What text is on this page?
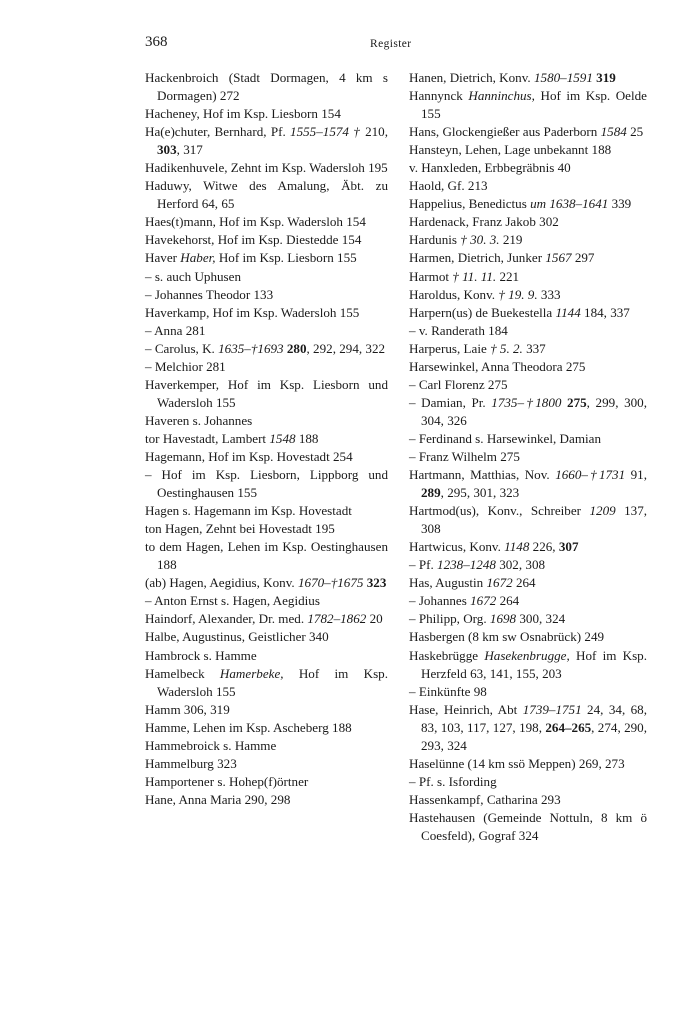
368	Register
Hackenbroich (Stadt Dormagen, 4 km s Dormagen) 272
Hacheney, Hof im Ksp. Liesborn 154
Ha(e)chuter, Bernhard, Pf. 1555–1574 † 210, 303, 317
Hadikenhuvele, Zehnt im Ksp. Wadersloh 195
Haduwy, Witwe des Amalung, Äbt. zu Herford 64, 65
Haes(t)mann, Hof im Ksp. Wadersloh 154
Havekehorst, Hof im Ksp. Diestedde 154
Haver Haber, Hof im Ksp. Liesborn 155
– s. auch Uphusen
– Johannes Theodor 133
Haverkamp, Hof im Ksp. Wadersloh 155
– Anna 281
– Carolus, K. 1635–†1693 280, 292, 294, 322
– Melchior 281
Haverkemper, Hof im Ksp. Liesborn und Wadersloh 155
Haveren s. Johannes
tor Havestadt, Lambert 1548 188
Hagemann, Hof im Ksp. Hovestadt 254
– Hof im Ksp. Liesborn, Lippborg und Oestinghausen 155
Hagen s. Hagemann im Ksp. Hovestadt
ton Hagen, Zehnt bei Hovestadt 195
to dem Hagen, Lehen im Ksp. Oestinghausen 188
(ab) Hagen, Aegidius, Konv. 1670–†1675 323
– Anton Ernst s. Hagen, Aegidius
Haindorf, Alexander, Dr. med. 1782–1862 20
Halbe, Augustinus, Geistlicher 340
Hambrock s. Hamme
Hamelbeck Hamerbeke, Hof im Ksp. Wadersloh 155
Hamm 306, 319
Hamme, Lehen im Ksp. Ascheberg 188
Hammebroick s. Hamme
Hammelburg 323
Hamportener s. Hohep(f)örtner
Hane, Anna Maria 290, 298
Hanen, Dietrich, Konv. 1580–1591 319
Hannynck Hanninchus, Hof im Ksp. Oelde 155
Hans, Glockengießer aus Paderborn 1584 25
Hansteyn, Lehen, Lage unbekannt 188
v. Hanxleden, Erbbegräbnis 40
Haold, Gf. 213
Happelius, Benedictus um 1638–1641 339
Hardenack, Franz Jakob 302
Hardunis † 30. 3. 219
Harmen, Dietrich, Junker 1567 297
Harmot † 11. 11. 221
Haroldus, Konv. † 19. 9. 333
Harpern(us) de Buekestella 1144 184, 337
– v. Randerath 184
Harperus, Laie † 5. 2. 337
Harsewinkel, Anna Theodora 275
– Carl Florenz 275
– Damian, Pr. 1735–†1800 275, 299, 300, 304, 326
– Ferdinand s. Harsewinkel, Damian
– Franz Wilhelm 275
Hartmann, Matthias, Nov. 1660–†1731 91, 289, 295, 301, 323
Hartmod(us), Konv., Schreiber 1209 137, 308
Hartwicus, Konv. 1148 226, 307
– Pf. 1238–1248 302, 308
Has, Augustin 1672 264
– Johannes 1672 264
– Philipp, Org. 1698 300, 324
Hasbergen (8 km sw Osnabrück) 249
Haskebrügge Hasekenbrugge, Hof im Ksp. Herzfeld 63, 141, 155, 203
– Einkünfte 98
Hase, Heinrich, Abt 1739–1751 24, 34, 68, 83, 103, 117, 127, 198, 264–265, 274, 290, 293, 324
Haselünne (14 km ssö Meppen) 269, 273
– Pf. s. Isfording
Hassenkampf, Catharina 293
Hastehausen (Gemeinde Nottuln, 8 km ö Coesfeld), Gograf 324
